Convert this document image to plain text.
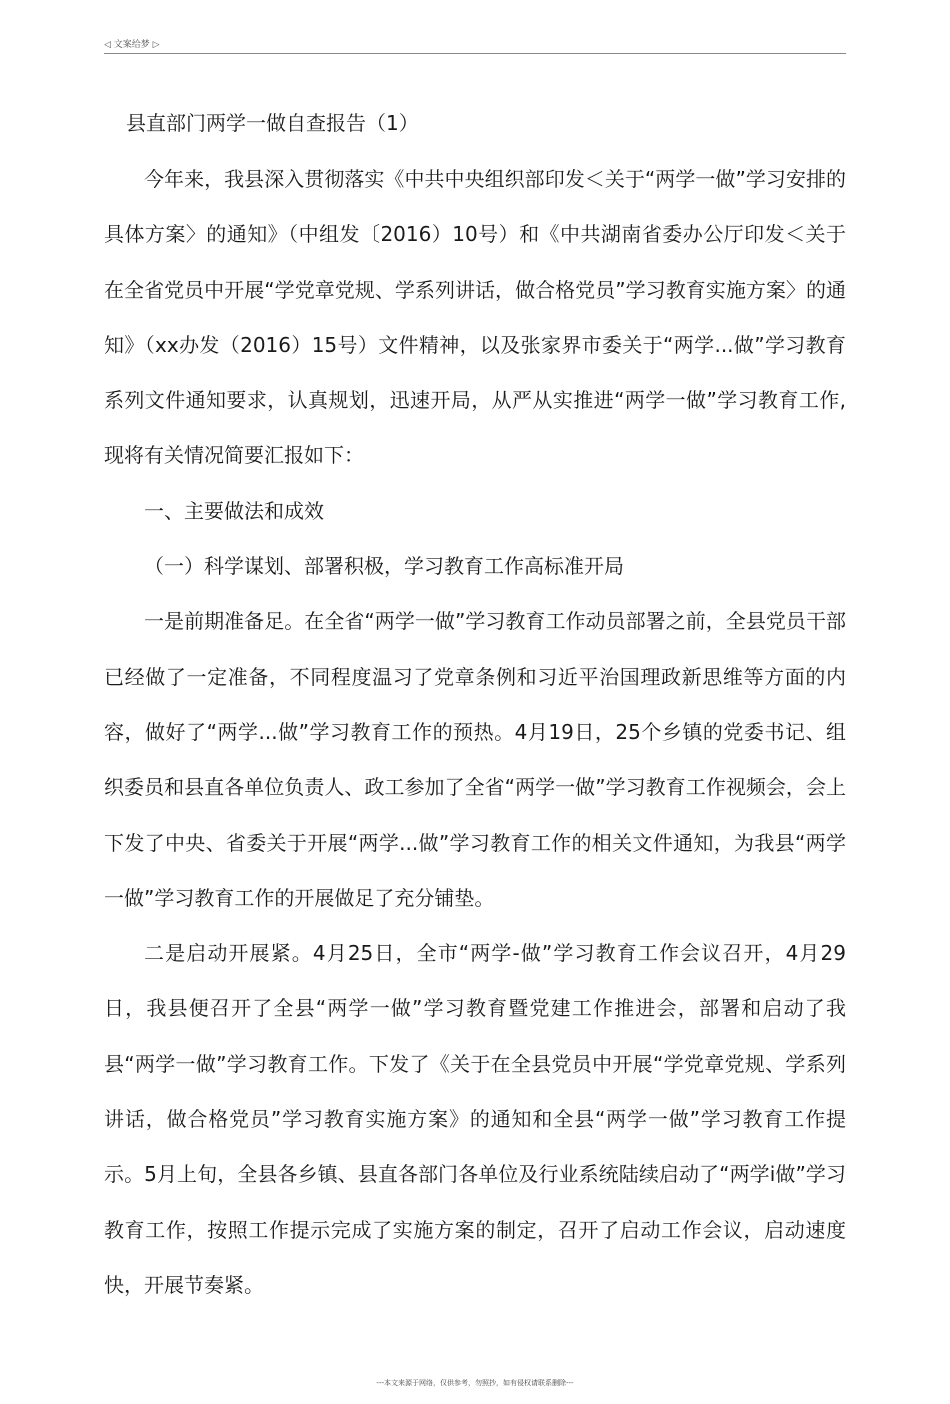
◁ 文案给梦 ▷
县直部门两学一做自查报告（1）

今年来，我县深入贯彻落实《中共中央组织部印发＜关于“两学一做”学习安排的具体方案〉的通知》（中组发〔2016）10号）和《中共湖南省委办公厅印发＜关于在全省党员中开展“学党章党规、学系列讲话，做合格党员”学习教育实施方案〉的通知》（xx办发（2016）15号）文件精神，以及张家界市委关于“两学...做”学习教育系列文件通知要求，认真规划，迅速开局，从严从实推进“两学一做”学习教育工作,现将有关情况简要汇报如下：

一、主要做法和成效

（一）科学谋划、部署积极，学习教育工作高标准开局

一是前期准备足。在全省“两学一做”学习教育工作动员部署之前，全县党员干部已经做了一定准备，不同程度温习了党章条例和习近平治国理政新思维等方面的内容，做好了“两学...做”学习教育工作的预热。4月19日，25个乡镇的党委书记、组织委员和县直各单位负责人、政工参加了全省“两学一做”学习教育工作视频会，会上下发了中央、省委关于开展“两学...做”学习教育工作的相关文件通知，为我县“两学一做”学习教育工作的开展做足了充分铺垫。

二是启动开展紧。4月25日，全市“两学-做”学习教育工作会议召开，4月29日，我县便召开了全县“两学一做”学习教育暨党建工作推进会，部署和启动了我县“两学一做”学习教育工作。下发了《关于在全县党员中开展“学党章党规、学系列讲话，做合格党员”学习教育实施方案》的通知和全县“两学一做”学习教育工作提示。5月上旬，全县各乡镇、县直各部门各单位及行业系统陆续启动了“两学i做”学习教育工作，按照工作提示完成了实施方案的制定，召开了启动工作会议，启动速度快，开展节奏紧。

---本文来源于网络，仅供参考，勿照抄，如有侵权请联系删除---
